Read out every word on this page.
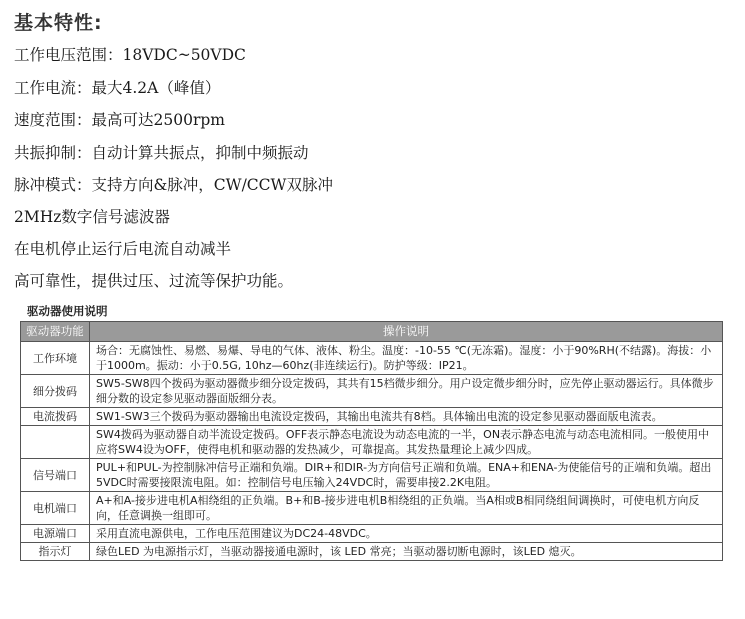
基本特性:
工作电压范围：18VDC~50VDC
工作电流：最大4.2A（峰值）
速度范围：最高可达2500rpm
共振抑制：自动计算共振点，抑制中频振动
脉冲模式：支持方向&脉冲，CW/CCW双脉冲
2MHz数字信号滤波器
在电机停止运行后电流自动减半
高可靠性，提供过压、过流等保护功能。
驱动器使用说明
驱动器功能	操作说明
工作环境	场合：无腐蚀性、易燃、易爆、导电的气体、液体、粉尘。温度：-10-55 ℃(无冻霜)。湿度：小于90%RH(不结露)。海拔：小于1000m。振动：小于0.5G, 10hz—60hz(非连续运行)。防护等级：IP21。
细分拨码	SW5-SW8四个拨码为驱动器微步细分设定拨码，其共有15档微步细分。用户设定微步细分时，应先停止驱动器运行。具体微步细分数的设定参见驱动器面版细分表。
电流拨码	SW1-SW3三个拨码为驱动器输出电流设定拨码，其输出电流共有8档。具体输出电流的设定参见驱动器面版电流表。
	SW4拨码为驱动器自动半流设定拨码。OFF表示静态电流设为动态电流的一半，ON表示静态电流与动态电流相同。一般使用中应将SW4设为OFF，使得电机和驱动器的发热减少，可靠提高。其发热量理论上减少四成。
信号端口	PUL+和PUL-为控制脉冲信号正端和负端。DIR+和DIR-为方向信号正端和负端。ENA+和ENA-为使能信号的正端和负端。超出5VDC时需要接限流电阻。如：控制信号电压输入24VDC时，需要串接2.2K电阻。
电机端口	A+和A-接步进电机A相绕组的正负端。B+和B-接步进电机B相绕组的正负端。当A相或B相同绕组间调换时，可使电机方向反向，任意调换一组即可。
电源端口	采用直流电源供电，工作电压范围建议为DC24-48VDC。
指示灯	绿色LED 为电源指示灯，当驱动器接通电源时，该 LED 常亮；当驱动器切断电源时，该LED 熄灭。
